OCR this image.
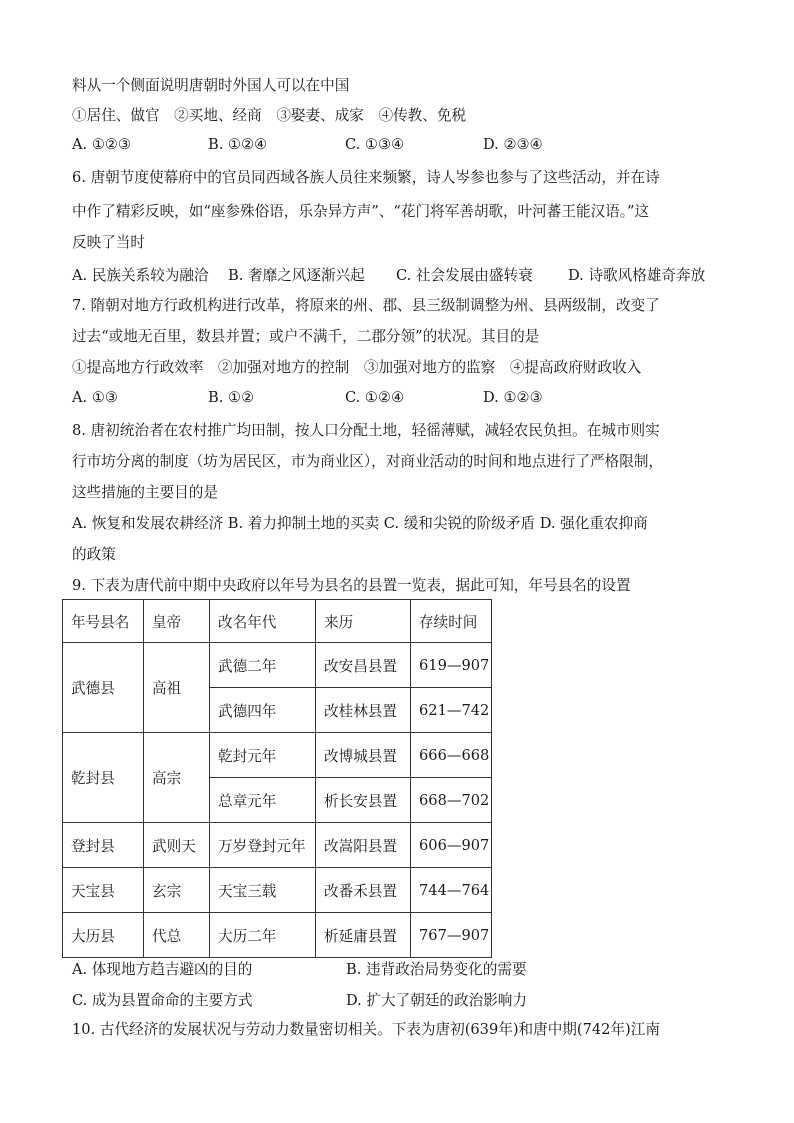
料从一个侧面说明唐朝时外国人可以在中国
①居住、做官　②买地、经商　③娶妻、成家　④传教、免税
A. ①②③	B. ①②④	C. ①③④	D. ②③④
6. 唐朝节度使幕府中的官员同西域各族人员往来频繁，诗人岑参也参与了这些活动，并在诗
中作了精彩反映，如“座参殊俗语，乐杂异方声”、“花门将军善胡歌，叶河蕃王能汉语。”这
反映了当时
A. 民族关系较为融洽 B. 奢靡之风逐渐兴起 C. 社会发展由盛转衰 D. 诗歌风格雄奇奔放
7. 隋朝对地方行政机构进行改革，将原来的州、郡、县三级制调整为州、县两级制，改变了
过去“或地无百里，数县并置；或户不满千，二郡分领”的状况。其目的是
①提高地方行政效率　②加强对地方的控制　③加强对地方的监察　④提高政府财政收入
A. ①③	B. ①②	C. ①②④	D. ①②③
8. 唐初统治者在农村推广均田制，按人口分配土地，轻徭薄赋，减轻农民负担。在城市则实
行市坊分离的制度（坊为居民区，市为商业区），对商业活动的时间和地点进行了严格限制，
这些措施的主要目的是
A. 恢复和发展农耕经济 B. 着力抑制土地的买卖 C. 缓和尖锐的阶级矛盾 D. 强化重农抑商
的政策
9. 下表为唐代前中期中央政府以年号为县名的县置一览表，据此可知，年号县名的设置
年号县名	皇帝	改名年代	来历	存续时间
武德县	高祖	武德二年	改安昌县置	619—907
		武德四年	改桂林县置	621—742
乾封县	高宗	乾封元年	改博城县置	666—668
		总章元年	析长安县置	668—702
登封县	武则天	万岁登封元年	改嵩阳县置	606—907
天宝县	玄宗	天宝三载	改番禾县置	744—764
大历县	代总	大历二年	析延庸县置	767—907
A. 体现地方趋吉避凶的目的	B. 违背政治局势变化的需要
C. 成为县置命命的主要方式	D. 扩大了朝廷的政治影响力
10. 古代经济的发展状况与劳动力数量密切相关。下表为唐初(639年)和唐中期(742年)江南
